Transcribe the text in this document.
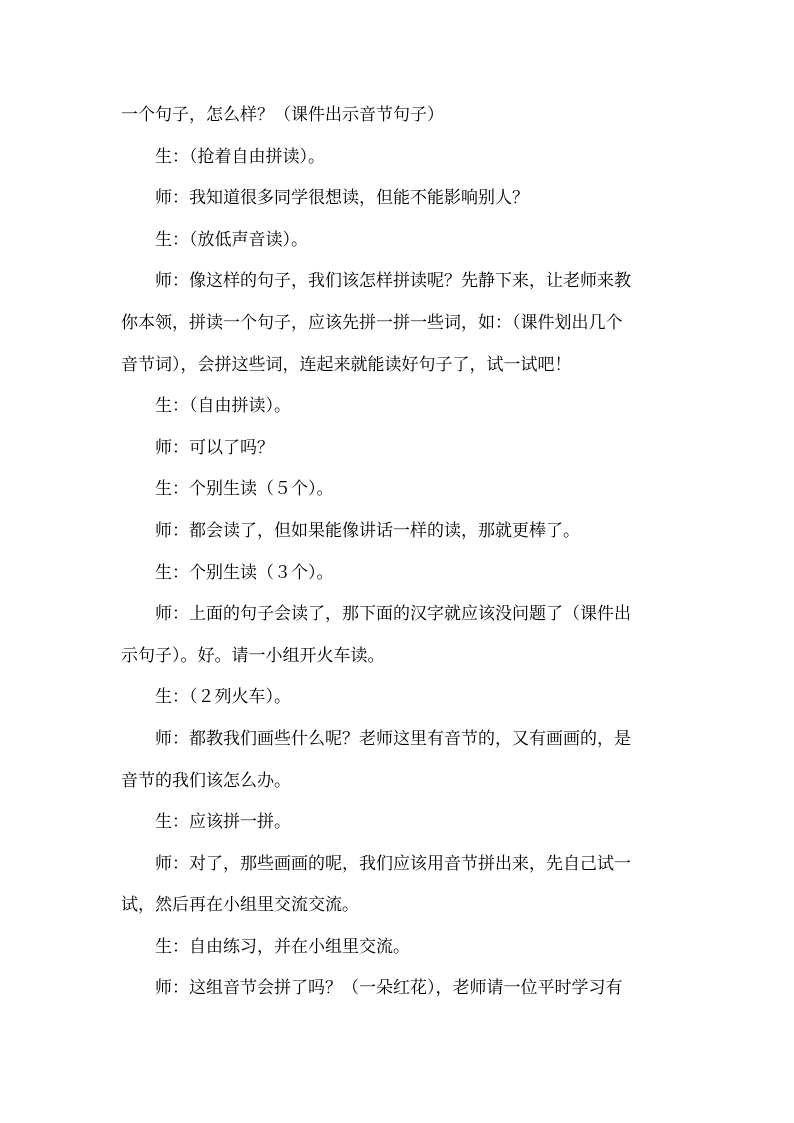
一个句子，怎么样？（课件出示音节句子）
生：（抢着自由拼读）。
师：我知道很多同学很想读，但能不能影响别人？
生：（放低声音读）。
师：像这样的句子，我们该怎样拼读呢？先静下来，让老师来教
你本领，拼读一个句子，应该先拼一拼一些词，如：（课件划出几个
音节词），会拼这些词，连起来就能读好句子了，试一试吧！
生：（自由拼读）。
师：可以了吗？
生：个别生读（５个）。
师：都会读了，但如果能像讲话一样的读，那就更棒了。
生：个别生读（３个）。
师：上面的句子会读了，那下面的汉字就应该没问题了（课件出
示句子）。好。请一小组开火车读。
生：（２列火车）。
师：都教我们画些什么呢？老师这里有音节的，又有画画的，是
音节的我们该怎么办。
生：应该拼一拼。
师：对了，那些画画的呢，我们应该用音节拼出来，先自己试一
试，然后再在小组里交流交流。
生：自由练习，并在小组里交流。
师：这组音节会拼了吗？（一朵红花），老师请一位平时学习有
